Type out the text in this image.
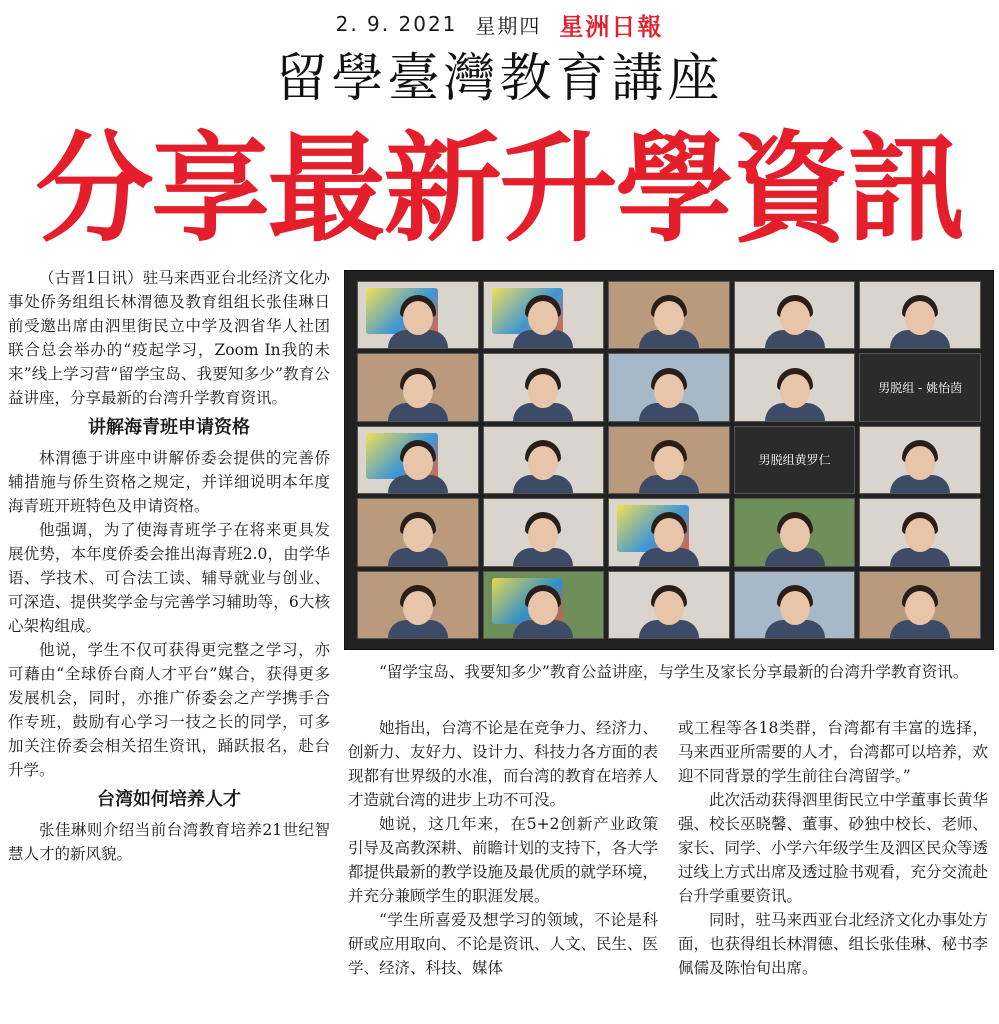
2. 9. 2021 星期四 星洲日報
留學臺灣教育講座
分享最新升學資訊

（古晋1日讯）驻马来西亚台北经济文化办事处侨务组组长林渭德及教育组组长张佳琳日前受邀出席由泗里街民立中学及泗省华人社团联合总会举办的“疫起学习，Zoom In我的未来”线上学习营“留学宝岛、我要知多少”教育公益讲座，分享最新的台湾升学教育资讯。

讲解海青班申请资格

林渭德于讲座中讲解侨委会提供的完善侨辅措施与侨生资格之规定，并详细说明本年度海青班开班特色及申请资格。

他强调，为了使海青班学子在将来更具发展优势，本年度侨委会推出海青班2.0，由学华语、学技术、可合法工读、辅导就业与创业、可深造、提供奖学金与完善学习辅助等，6大核心架构组成。

他说，学生不仅可获得更完整之学习，亦可藉由“全球侨台商人才平台”媒合，获得更多发展机会，同时，亦推广侨委会之产学携手合作专班，鼓励有心学习一技之长的同学，可多加关注侨委会相关招生资讯，踊跃报名，赴台升学。

台湾如何培养人才

张佳琳则介绍当前台湾教育培养21世纪智慧人才的新风貌。

男脱组 - 姚怡茵
男脱组黄罗仁

“留学宝岛、我要知多少”教育公益讲座，与学生及家长分享最新的台湾升学教育资讯。

她指出，台湾不论是在竞争力、经济力、创新力、友好力、设计力、科技力各方面的表现都有世界级的水准，而台湾的教育在培养人才造就台湾的进步上功不可没。

她说，这几年来，在5+2创新产业政策引导及高教深耕、前瞻计划的支持下，各大学都提供最新的教学设施及最优质的就学环境，并充分兼顾学生的职涯发展。

“学生所喜爱及想学习的领域，不论是科研或应用取向、不论是资讯、人文、民生、医学、经济、科技、媒体

或工程等各18类群，台湾都有丰富的选择，马来西亚所需要的人才，台湾都可以培养，欢迎不同背景的学生前往台湾留学。”

此次活动获得泗里街民立中学董事长黄华强、校长巫晓馨、董事、砂独中校长、老师、家长、同学、小学六年级学生及泗区民众等透过线上方式出席及透过脸书观看，充分交流赴台升学重要资讯。

同时，驻马来西亚台北经济文化办事处方面，也获得组长林渭德、组长张佳琳、秘书李佩儒及陈怡旬出席。
